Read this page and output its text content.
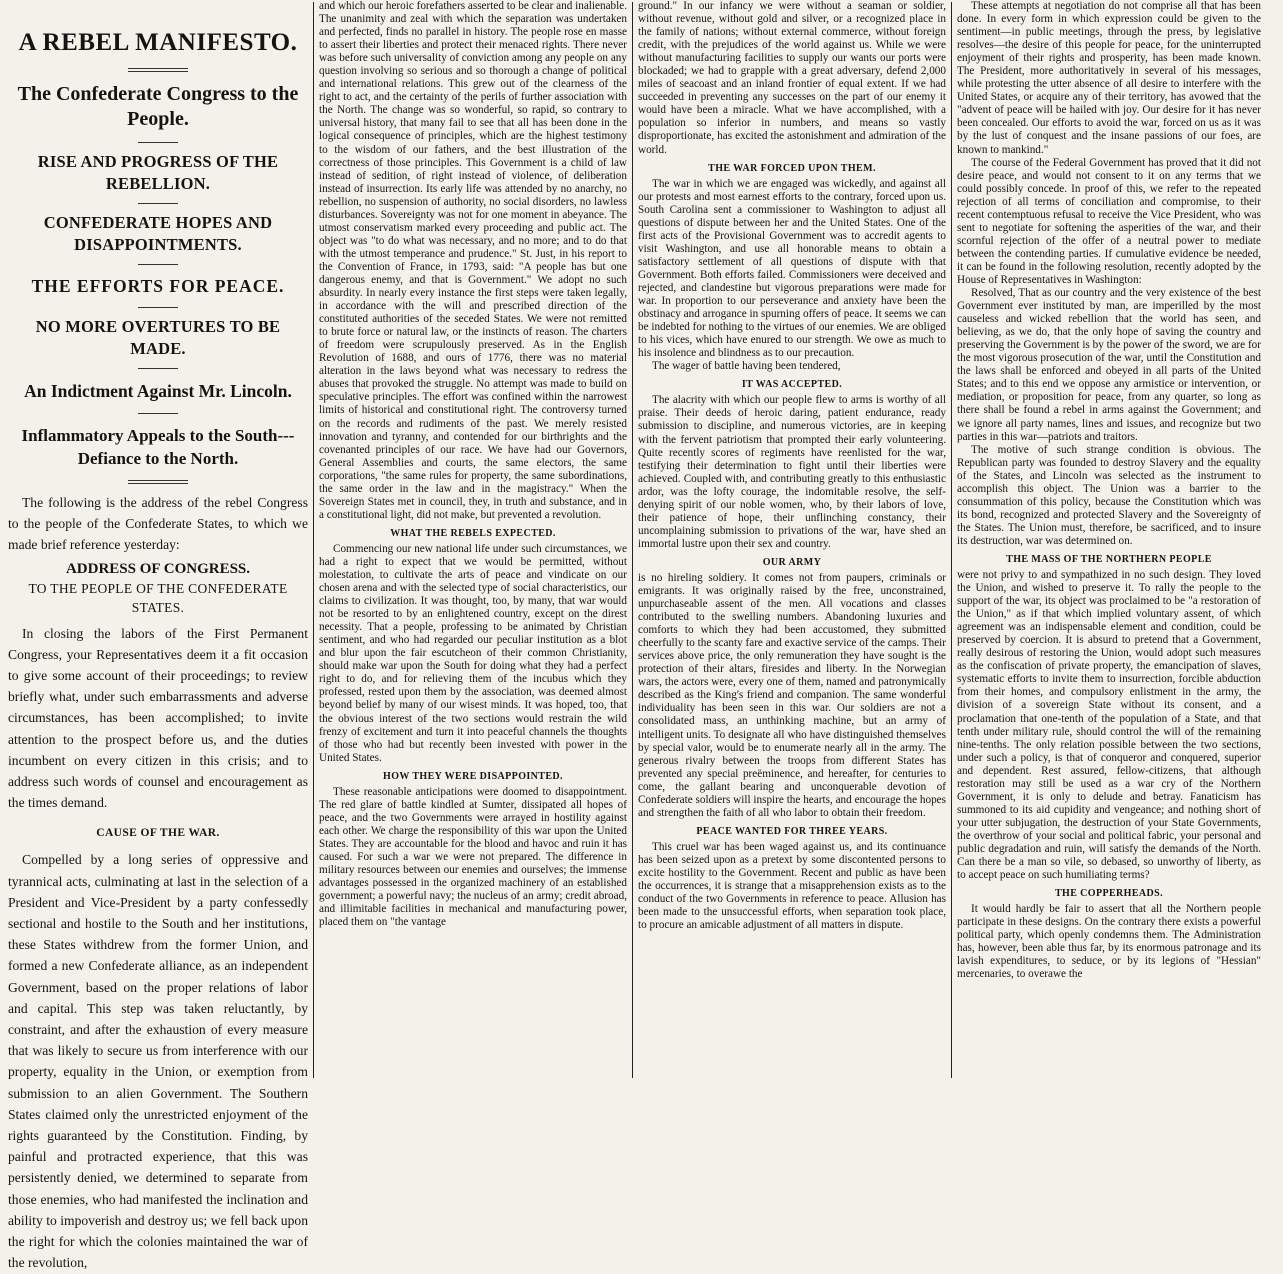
A REBEL MANIFESTO.
The Confederate Congress to the People.
RISE AND PROGRESS OF THE REBELLION.
CONFEDERATE HOPES AND DISAPPOINTMENTS.
THE EFFORTS FOR PEACE.
NO MORE OVERTURES TO BE MADE.
An Indictment Against Mr. Lincoln.
Inflammatory Appeals to the South---Defiance to the North.

The following is the address of the rebel Congress to the people of the Confederate States, to which we made brief reference yesterday:

ADDRESS OF CONGRESS.
TO THE PEOPLE OF THE CONFEDERATE STATES.

In closing the labors of the First Permanent Congress, your Representatives deem it a fit occasion to give some account of their proceedings; to review briefly what, under such embarrassments and adverse circumstances, has been accomplished; to invite attention to the prospect before us, and the duties incumbent on every citizen in this crisis; and to address such words of counsel and encouragement as the times demand.

CAUSE OF THE WAR.

Compelled by a long series of oppressive and tyrannical acts, culminating at last in the selection of a President and Vice-President by a party confessedly sectional and hostile to the South and her institutions, these States withdrew from the former Union, and formed a new Confederate alliance, as an independent Government, based on the proper relations of labor and capital. This step was taken reluctantly, by constraint, and after the exhaustion of every measure that was likely to secure us from interference with our property, equality in the Union, or exemption from submission to an alien Government. The Southern States claimed only the unrestricted enjoyment of the rights guaranteed by the Constitution. Finding, by painful and protracted experience, that this was persistently denied, we determined to separate from those enemies, who had manifested the inclination and ability to impoverish and destroy us; we fell back upon the right for which the colonies maintained the war of the revolution,

and which our heroic forefathers asserted to be clear and inalienable. The unanimity and zeal with which the separation was undertaken and perfected, finds no parallel in history. The people rose en masse to assert their liberties and protect their menaced rights. There never was before such universality of conviction among any people on any question involving so serious and so thorough a change of political and international relations. This grew out of the clearness of the right to act, and the certainty of the perils of further association with the North. The change was so wonderful, so rapid, so contrary to universal history, that many fail to see that all has been done in the logical consequence of principles, which are the highest testimony to the wisdom of our fathers, and the best illustration of the correctness of those principles. This Government is a child of law instead of sedition, of right instead of violence, of deliberation instead of insurrection. Its early life was attended by no anarchy, no rebellion, no suspension of authority, no social disorders, no lawless disturbances. Sovereignty was not for one moment in abeyance. The utmost conservatism marked every proceeding and public act. The object was "to do what was necessary, and no more; and to do that with the utmost temperance and prudence." St. Just, in his report to the Convention of France, in 1793, said: "A people has but one dangerous enemy, and that is Government." We adopt no such absurdity. In nearly every instance the first steps were taken legally, in accordance with the will and prescribed direction of the constituted authorities of the seceded States. We were not remitted to brute force or natural law, or the instincts of reason. The charters of freedom were scrupulously preserved. As in the English Revolution of 1688, and ours of 1776, there was no material alteration in the laws beyond what was necessary to redress the abuses that provoked the struggle. No attempt was made to build on speculative principles. The effort was confined within the narrowest limits of historical and constitutional right. The controversy turned on the records and rudiments of the past. We merely resisted innovation and tyranny, and contended for our birthrights and the covenanted principles of our race. We have had our Governors, General Assemblies and courts, the same electors, the same corporations, "the same rules for property, the same subordinations, the same order in the law and in the magistracy." When the Sovereign States met in council, they, in truth and substance, and in a constitutional light, did not make, but prevented a revolution.

WHAT THE REBELS EXPECTED.

Commencing our new national life under such circumstances, we had a right to expect that we would be permitted, without molestation, to cultivate the arts of peace and vindicate on our chosen arena and with the selected type of social characteristics, our claims to civilization. It was thought, too, by many, that war would not be resorted to by an enlightened country, except on the direst necessity. That a people, professing to be animated by Christian sentiment, and who had regarded our peculiar institution as a blot and blur upon the fair escutcheon of their common Christianity, should make war upon the South for doing what they had a perfect right to do, and for relieving them of the incubus which they professed, rested upon them by the association, was deemed almost beyond belief by many of our wisest minds. It was hoped, too, that the obvious interest of the two sections would restrain the wild frenzy of excitement and turn it into peaceful channels the thoughts of those who had but recently been invested with power in the United States.

HOW THEY WERE DISAPPOINTED.

These reasonable anticipations were doomed to disappointment. The red glare of battle kindled at Sumter, dissipated all hopes of peace, and the two Governments were arrayed in hostility against each other. We charge the responsibility of this war upon the United States. They are accountable for the blood and havoc and ruin it has caused. For such a war we were not prepared. The difference in military resources between our enemies and ourselves; the immense advantages possessed in the organized machinery of an established government; a powerful navy; the nucleus of an army; credit abroad, and illimitable facilities in mechanical and manufacturing power, placed them on "the vantage

ground." In our infancy we were without a seaman or soldier, without revenue, without gold and silver, or a recognized place in the family of nations; without external commerce, without foreign credit, with the prejudices of the world against us. While we were without manufacturing facilities to supply our wants our ports were blockaded; we had to grapple with a great adversary, defend 2,000 miles of seacoast and an inland frontier of equal extent. If we had succeeded in preventing any successes on the part of our enemy it would have been a miracle. What we have accomplished, with a population so inferior in numbers, and means so vastly disproportionate, has excited the astonishment and admiration of the world.

THE WAR FORCED UPON THEM.

The war in which we are engaged was wickedly, and against all our protests and most earnest efforts to the contrary, forced upon us. South Carolina sent a commissioner to Washington to adjust all questions of dispute between her and the United States. One of the first acts of the Provisional Government was to accredit agents to visit Washington, and use all honorable means to obtain a satisfactory settlement of all questions of dispute with that Government. Both efforts failed. Commissioners were deceived and rejected, and clandestine but vigorous preparations were made for war. In proportion to our perseverance and anxiety have been the obstinacy and arrogance in spurning offers of peace. It seems we can be indebted for nothing to the virtues of our enemies. We are obliged to his vices, which have enured to our strength. We owe as much to his insolence and blindness as to our precaution.

The wager of battle having been tendered,

IT WAS ACCEPTED.

The alacrity with which our people flew to arms is worthy of all praise. Their deeds of heroic daring, patient endurance, ready submission to discipline, and numerous victories, are in keeping with the fervent patriotism that prompted their early volunteering. Quite recently scores of regiments have reenlisted for the war, testifying their determination to fight until their liberties were achieved. Coupled with, and contributing greatly to this enthusiastic ardor, was the lofty courage, the indomitable resolve, the self-denying spirit of our noble women, who, by their labors of love, their patience of hope, their unflinching constancy, their uncomplaining submission to privations of the war, have shed an immortal lustre upon their sex and country.

OUR ARMY

is no hireling soldiery. It comes not from paupers, criminals or emigrants. It was originally raised by the free, unconstrained, unpurchaseable assent of the men. All vocations and classes contributed to the swelling numbers. Abandoning luxuries and comforts to which they had been accustomed, they submitted cheerfully to the scanty fare and exactive service of the camps. Their services above price, the only remuneration they have sought is the protection of their altars, firesides and liberty. In the Norwegian wars, the actors were, every one of them, named and patronymically described as the King's friend and companion. The same wonderful individuality has been seen in this war. Our soldiers are not a consolidated mass, an unthinking machine, but an army of intelligent units. To designate all who have distinguished themselves by special valor, would be to enumerate nearly all in the army. The generous rivalry between the troops from different States has prevented any special preëminence, and hereafter, for centuries to come, the gallant bearing and unconquerable devotion of Confederate soldiers will inspire the hearts, and encourage the hopes and strengthen the faith of all who labor to obtain their freedom.

PEACE WANTED FOR THREE YEARS.

This cruel war has been waged against us, and its continuance has been seized upon as a pretext by some discontented persons to excite hostility to the Government. Recent and public as have been the occurrences, it is strange that a misapprehension exists as to the conduct of the two Governments in reference to peace. Allusion has been made to the unsuccessful efforts, when separation took place, to procure an amicable adjustment of all matters in dispute.

These attempts at negotiation do not comprise all that has been done. In every form in which expression could be given to the sentiment—in public meetings, through the press, by legislative resolves—the desire of this people for peace, for the uninterrupted enjoyment of their rights and prosperity, has been made known. The President, more authoritatively in several of his messages, while protesting the utter absence of all desire to interfere with the United States, or acquire any of their territory, has avowed that the "advent of peace will be hailed with joy. Our desire for it has never been concealed. Our efforts to avoid the war, forced on us as it was by the lust of conquest and the insane passions of our foes, are known to mankind."

The course of the Federal Government has proved that it did not desire peace, and would not consent to it on any terms that we could possibly concede. In proof of this, we refer to the repeated rejection of all terms of conciliation and compromise, to their recent contemptuous refusal to receive the Vice President, who was sent to negotiate for softening the asperities of the war, and their scornful rejection of the offer of a neutral power to mediate between the contending parties. If cumulative evidence be needed, it can be found in the following resolution, recently adopted by the House of Representatives in Washington:

Resolved, That as our country and the very existence of the best Government ever instituted by man, are imperilled by the most causeless and wicked rebellion that the world has seen, and believing, as we do, that the only hope of saving the country and preserving the Government is by the power of the sword, we are for the most vigorous prosecution of the war, until the Constitution and the laws shall be enforced and obeyed in all parts of the United States; and to this end we oppose any armistice or intervention, or mediation, or proposition for peace, from any quarter, so long as there shall be found a rebel in arms against the Government; and we ignore all party names, lines and issues, and recognize but two parties in this war—patriots and traitors.

The motive of such strange condition is obvious. The Republican party was founded to destroy Slavery and the equality of the States, and Lincoln was selected as the instrument to accomplish this object. The Union was a barrier to the consummation of this policy, because the Constitution which was its bond, recognized and protected Slavery and the Sovereignty of the States. The Union must, therefore, be sacrificed, and to insure its destruction, war was determined on.

THE MASS OF THE NORTHERN PEOPLE

were not privy to and sympathized in no such design. They loved the Union, and wished to preserve it. To rally the people to the support of the war, its object was proclaimed to be "a restoration of the Union," as if that which implied voluntary assent, of which agreement was an indispensable element and condition, could be preserved by coercion. It is absurd to pretend that a Government, really desirous of restoring the Union, would adopt such measures as the confiscation of private property, the emancipation of slaves, systematic efforts to invite them to insurrection, forcible abduction from their homes, and compulsory enlistment in the army, the division of a sovereign State without its consent, and a proclamation that one-tenth of the population of a State, and that tenth under military rule, should control the will of the remaining nine-tenths. The only relation possible between the two sections, under such a policy, is that of conqueror and conquered, superior and dependent. Rest assured, fellow-citizens, that although restoration may still be used as a war cry of the Northern Government, it is only to delude and betray. Fanaticism has summoned to its aid cupidity and vengeance; and nothing short of your utter subjugation, the destruction of your State Governments, the overthrow of your social and political fabric, your personal and public degradation and ruin, will satisfy the demands of the North. Can there be a man so vile, so debased, so unworthy of liberty, as to accept peace on such humiliating terms?

THE COPPERHEADS.

It would hardly be fair to assert that all the Northern people participate in these designs. On the contrary there exists a powerful political party, which openly condemns them. The Administration has, however, been able thus far, by its enormous patronage and its lavish expenditures, to seduce, or by its legions of "Hessian" mercenaries, to overawe the
